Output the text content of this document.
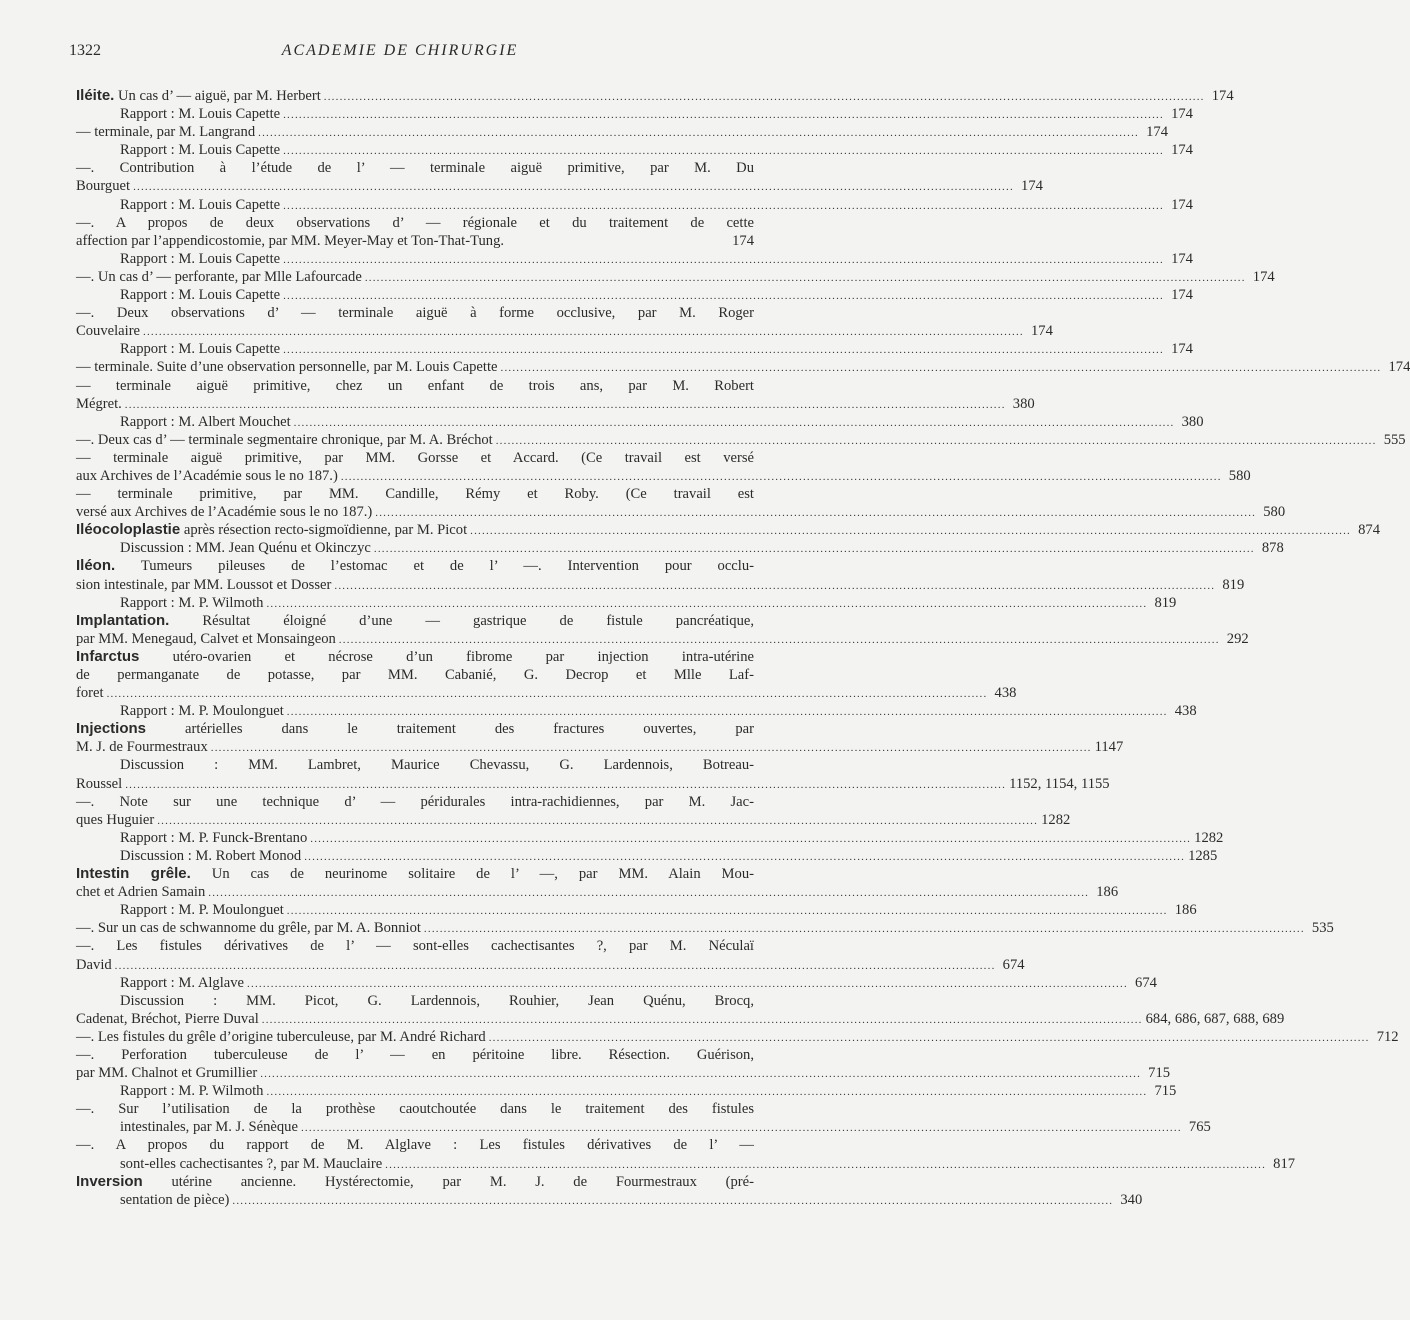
1322	ACADEMIE DE CHIRURGIE
Iléite. Un cas d’ — aiguë, par M. Herbert .....	174
Rapport : M. Louis Capette .....	174
— terminale, par M. Langrand .....	174
Rapport : M. Louis Capette .....	174
—. Contribution à l’étude de l’ — terminale aiguë primitive, par M. Du
Bourguet .....	174
Rapport : M. Louis Capette .....	174
—. A propos de deux observations d’ — régionale et du traitement de cette
affection par l’appendicostomie, par MM. Meyer-May et Ton-That-Tung.	174
Rapport : M. Louis Capette .....	174
—. Un cas d’ — perforante, par Mlle Lafourcade .....	174
Rapport : M. Louis Capette .....	174
—. Deux observations d’ — terminale aiguë à forme occlusive, par M. Roger
Couvelaire .....	174
Rapport : M. Louis Capette .....	174
— terminale. Suite d’une observation personnelle, par M. Louis Capette .....	174
— terminale aiguë primitive, chez un enfant de trois ans, par M. Robert
Mégret. .....	380
Rapport : M. Albert Mouchet .....	380
—. Deux cas d’ — terminale segmentaire chronique, par M. A. Bréchot .....	555
— terminale aiguë primitive, par MM. Gorsse et Accard. (Ce travail est versé
aux Archives de l’Académie sous le no 187.) .....	580
— terminale primitive, par MM. Candille, Rémy et Roby. (Ce travail est
versé aux Archives de l’Académie sous le no 187.) .....	580
Iléocoloplastie après résection recto-sigmoïdienne, par M. Picot .....	874
Discussion : MM. Jean Quénu et Okinczyc .....	878
Iléon. Tumeurs pileuses de l’estomac et de l’ —. Intervention pour occlu-
sion intestinale, par MM. Loussot et Dosser .....	819
Rapport : M. P. Wilmoth .....	819
Implantation. Résultat éloigné d’une — gastrique de fistule pancréatique,
par MM. Menegaud, Calvet et Monsaingeon .....	292
Infarctus utéro-ovarien et nécrose d’un fibrome par injection intra-utérine
de permanganate de potasse, par MM. Cabanié, G. Decrop et Mlle Laf-
foret .....	438
Rapport : M. P. Moulonguet .....	438
Injections artérielles dans le traitement des fractures ouvertes, par
M. J. de Fourmestraux .....	1147
Discussion : MM. Lambret, Maurice Chevassu, G. Lardennois, Botreau-
Roussel .....	1152, 1154, 1155
—. Note sur une technique d’ — péridurales intra-rachidiennes, par M. Jac-
ques Huguier .....	1282
Rapport : M. P. Funck-Brentano .....	1282
Discussion : M. Robert Monod .....	1285
Intestin grêle. Un cas de neurinome solitaire de l’ —, par MM. Alain Mou-
chet et Adrien Samain .....	186
Rapport : M. P. Moulonguet .....	186
—. Sur un cas de schwannome du grêle, par M. A. Bonniot .....	535
—. Les fistules dérivatives de l’ — sont-elles cachectisantes ?, par M. Néculaï
David .....	674
Rapport : M. Alglave .....	674
Discussion : MM. Picot, G. Lardennois, Rouhier, Jean Quénu, Brocq,
Cadenat, Bréchot, Pierre Duval .....	684, 686, 687, 688, 689
—. Les fistules du grêle d’origine tuberculeuse, par M. André Richard .....	712
—. Perforation tuberculeuse de l’ — en péritoine libre. Résection. Guérison,
par MM. Chalnot et Grumillier .....	715
Rapport : M. P. Wilmoth .....	715
—. Sur l’utilisation de la prothèse caoutchoutée dans le traitement des fistules
intestinales, par M. J. Sénèque .....	765
—. A propos du rapport de M. Alglave : Les fistules dérivatives de l’ —
sont-elles cachectisantes ?, par M. Mauclaire .....	817
Inversion utérine ancienne. Hystérectomie, par M. J. de Fourmestraux (pré-
sentation de pièce) .....	340
